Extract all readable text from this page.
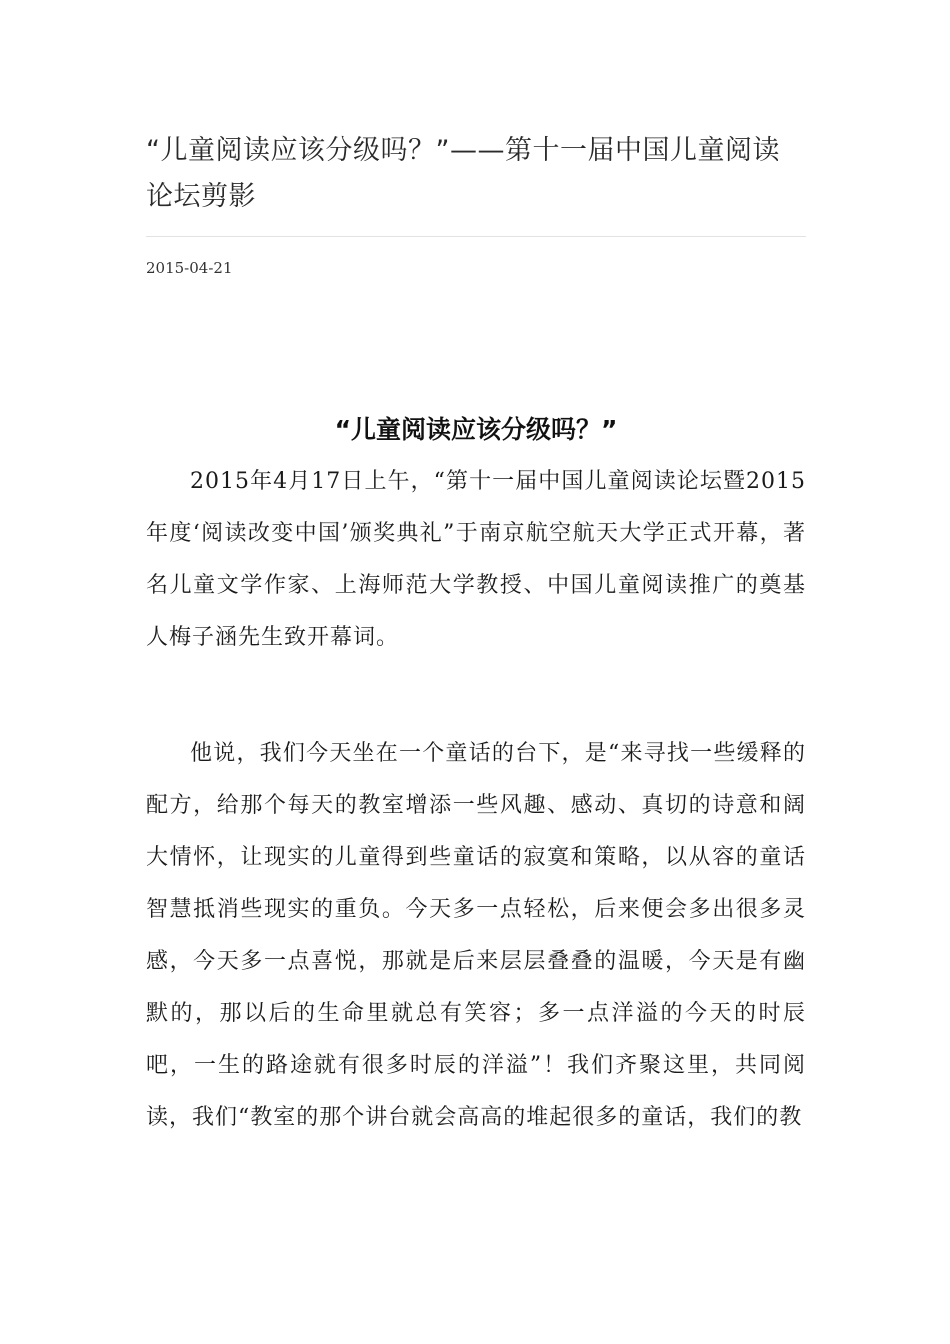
“儿童阅读应该分级吗？”——第十一届中国儿童阅读论坛剪影
2015-04-21
“儿童阅读应该分级吗？”

2015年4月17日上午，“第十一届中国儿童阅读论坛暨2015年度‘阅读改变中国’颁奖典礼”于南京航空航天大学正式开幕，著名儿童文学作家、上海师范大学教授、中国儿童阅读推广的奠基人梅子涵先生致开幕词。

他说，我们今天坐在一个童话的台下，是“来寻找一些缓释的配方，给那个每天的教室增添一些风趣、感动、真切的诗意和阔大情怀，让现实的儿童得到些童话的寂寞和策略，以从容的童话智慧抵消些现实的重负。今天多一点轻松，后来便会多出很多灵感，今天多一点喜悦，那就是后来层层叠叠的温暖，今天是有幽默的，那以后的生命里就总有笑容；多一点洋溢的今天的时辰吧，一生的路途就有很多时辰的洋溢”！我们齐聚这里，共同阅读，我们“教室的那个讲台就会高高的堆起很多的童话，我们的教
